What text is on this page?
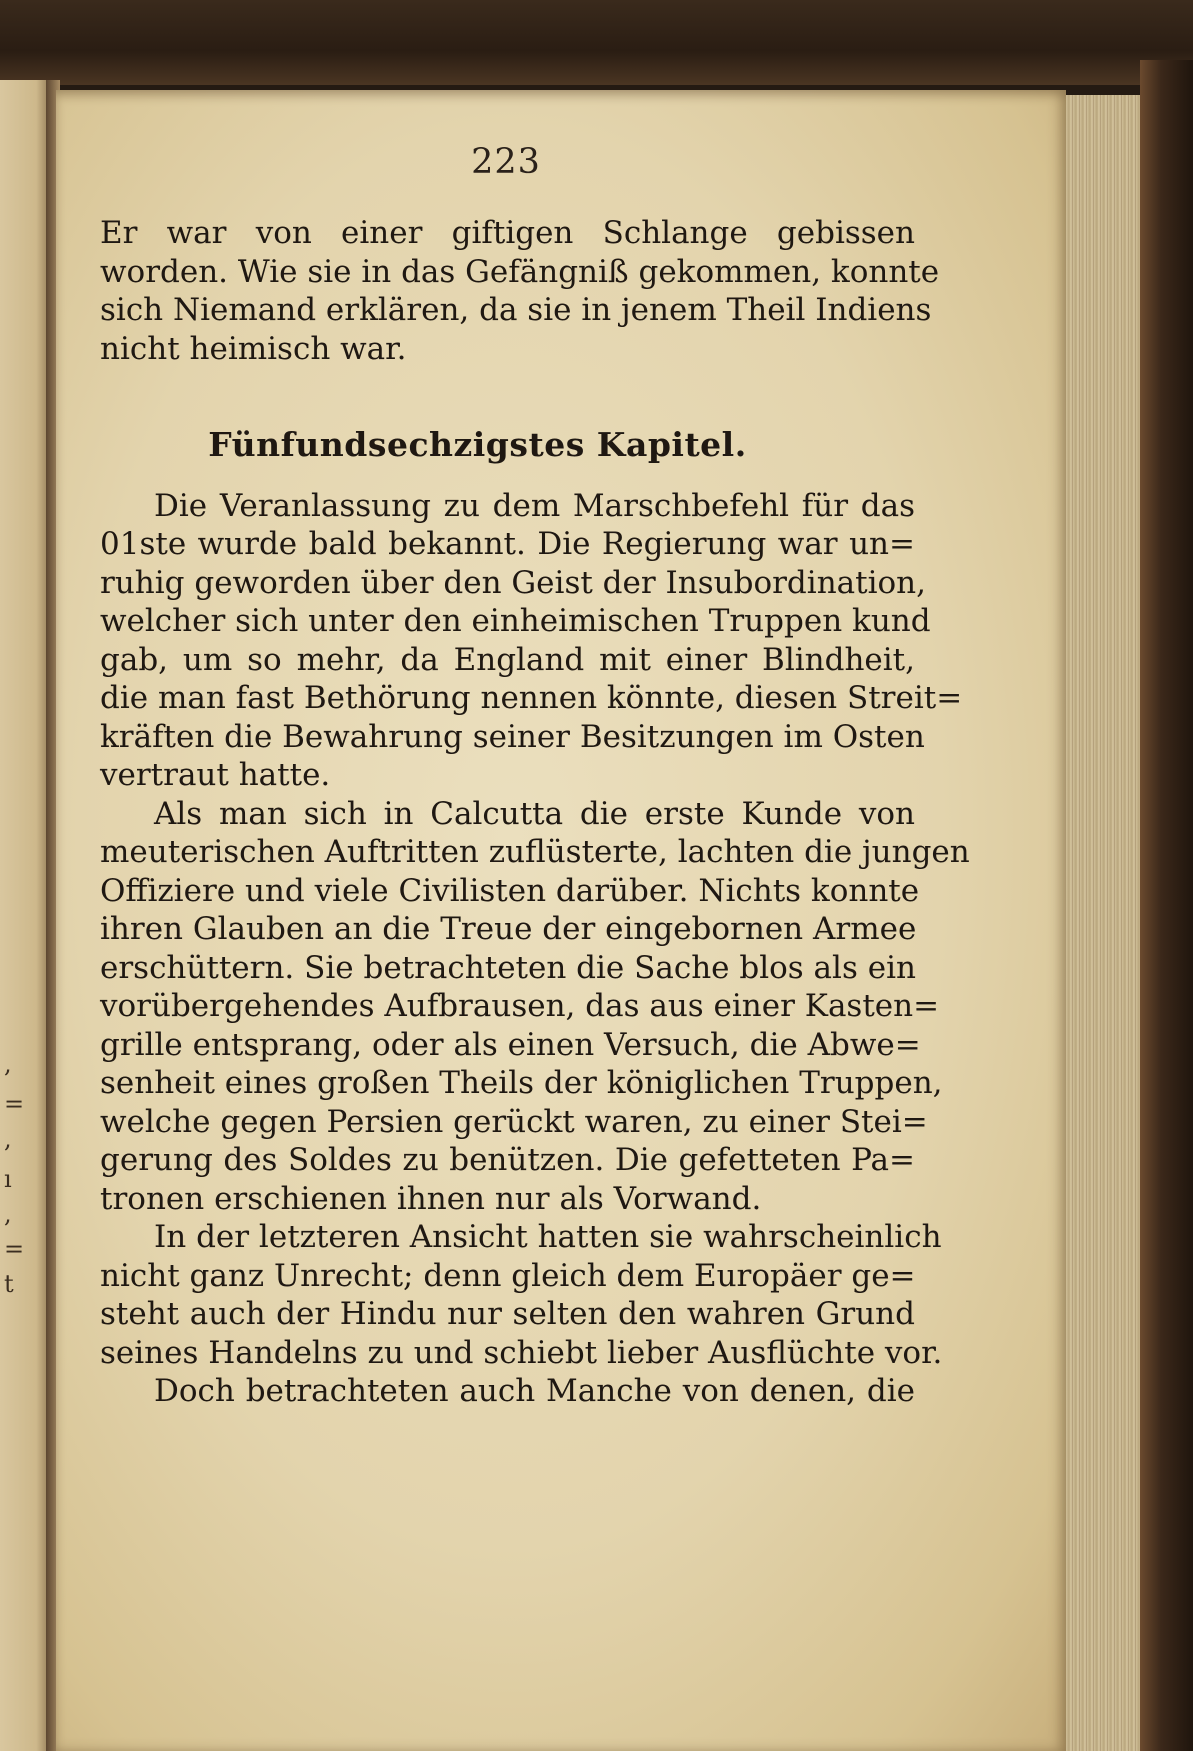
,
=
,
ı
,
=
t
223
Er war von einer giftigen Schlange gebissen
worden. Wie sie in das Gefängniß gekommen, konnte
sich Niemand erklären, da sie in jenem Theil Indiens
nicht heimisch war.
Fünfundsechzigstes Kapitel.
Die Veranlassung zu dem Marschbefehl für das
01ste wurde bald bekannt. Die Regierung war un=
ruhig geworden über den Geist der Insubordination,
welcher sich unter den einheimischen Truppen kund
gab, um so mehr, da England mit einer Blindheit,
die man fast Bethörung nennen könnte, diesen Streit=
kräften die Bewahrung seiner Besitzungen im Osten
vertraut hatte.
Als man sich in Calcutta die erste Kunde von
meuterischen Auftritten zuflüsterte, lachten die jungen
Offiziere und viele Civilisten darüber. Nichts konnte
ihren Glauben an die Treue der eingebornen Armee
erschüttern. Sie betrachteten die Sache blos als ein
vorübergehendes Aufbrausen, das aus einer Kasten=
grille entsprang, oder als einen Versuch, die Abwe=
senheit eines großen Theils der königlichen Truppen,
welche gegen Persien gerückt waren, zu einer Stei=
gerung des Soldes zu benützen. Die gefetteten Pa=
tronen erschienen ihnen nur als Vorwand.
In der letzteren Ansicht hatten sie wahrscheinlich
nicht ganz Unrecht; denn gleich dem Europäer ge=
steht auch der Hindu nur selten den wahren Grund
seines Handelns zu und schiebt lieber Ausflüchte vor.
Doch betrachteten auch Manche von denen, die
